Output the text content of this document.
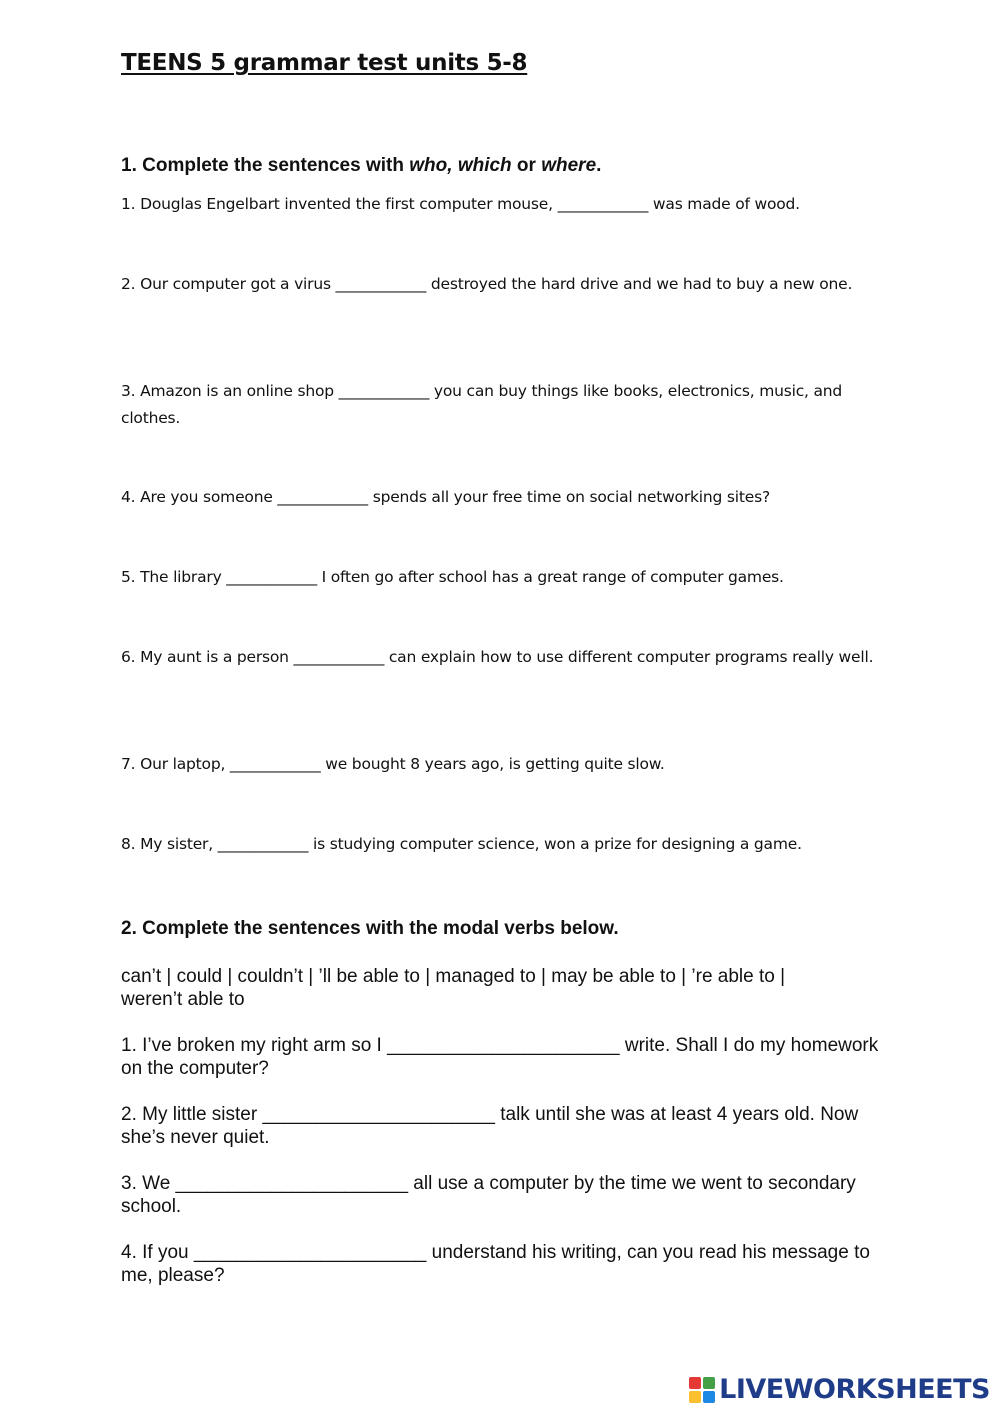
TEENS 5 grammar test units 5-8
1. Complete the sentences with who, which or where.

1. Douglas Engelbart invented the first computer mouse, ____________ was made of wood.

2. Our computer got a virus ____________ destroyed the hard drive and we had to buy a new one.

3. Amazon is an online shop ____________ you can buy things like books, electronics, music, and clothes.

4. Are you someone ____________ spends all your free time on social networking sites?

5. The library ____________ I often go after school has a great range of computer games.

6. My aunt is a person ____________ can explain how to use different computer programs really well.

7. Our laptop, ____________ we bought 8 years ago, is getting quite slow.

8. My sister, ____________ is studying computer science, won a prize for designing a game.

2. Complete the sentences with the modal verbs below.

can’t | could | couldn’t | ’ll be able to | managed to | may be able to | ’re able to | weren’t able to

1. I’ve broken my right arm so I ______________________ write. Shall I do my homework on the computer?

2. My little sister ______________________ talk until she was at least 4 years old. Now she’s never quiet.

3. We ______________________ all use a computer by the time we went to secondary school.

4. If you ______________________ understand his writing, can you read his message to me, please?

LIVEWORKSHEETS
